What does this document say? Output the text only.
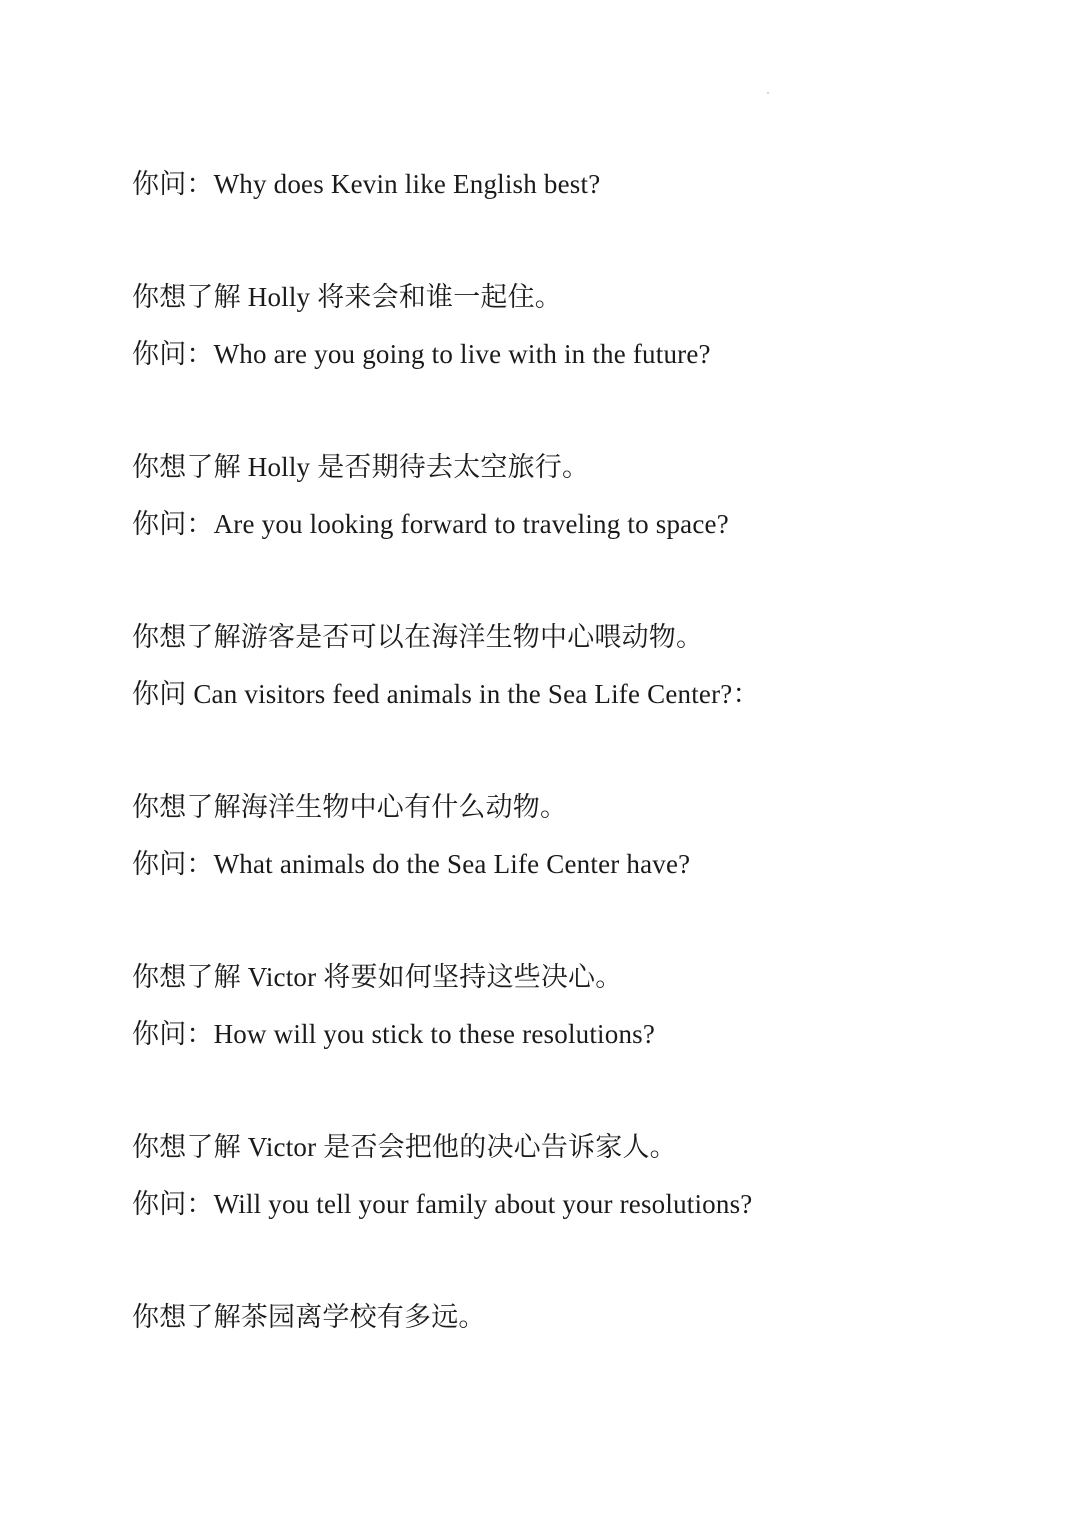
你问：Why does Kevin like English best?
你想了解 Holly 将来会和谁一起住。
你问：Who are you going to live with in the future?
你想了解 Holly 是否期待去太空旅行。
你问：Are you looking forward to traveling to space?
你想了解游客是否可以在海洋生物中心喂动物。
你问 Can visitors feed animals in the Sea Life Center?：
你想了解海洋生物中心有什么动物。
你问：What animals do the Sea Life Center have?
你想了解 Victor 将要如何坚持这些决心。
你问：How will you stick to these resolutions?
你想了解 Victor 是否会把他的决心告诉家人。
你问：Will you tell your family about your resolutions?
你想了解茶园离学校有多远。
